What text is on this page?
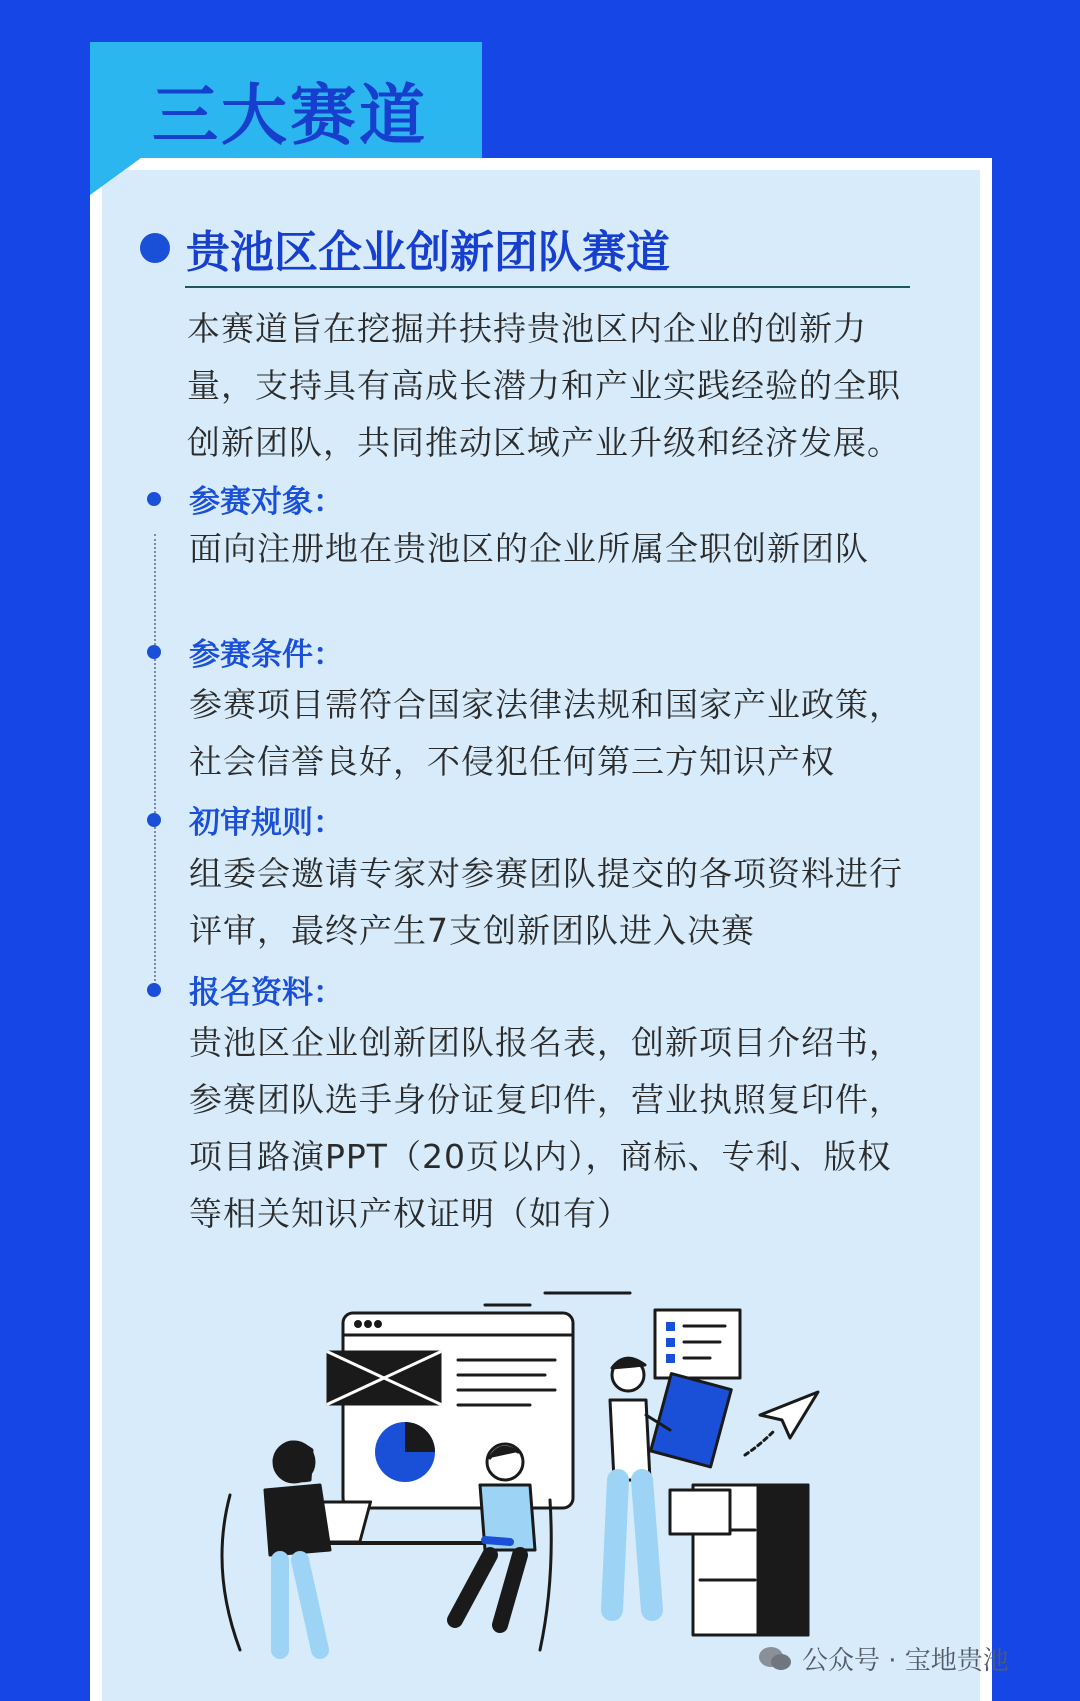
三大赛道
贵池区企业创新团队赛道
本赛道旨在挖掘并扶持贵池区内企业的创新力
量，支持具有高成长潜力和产业实践经验的全职
创新团队，共同推动区域产业升级和经济发展。
参赛对象：
面向注册地在贵池区的企业所属全职创新团队
参赛条件：
参赛项目需符合国家法律法规和国家产业政策，
社会信誉良好，不侵犯任何第三方知识产权
初审规则：
组委会邀请专家对参赛团队提交的各项资料进行
评审，最终产生7支创新团队进入决赛
报名资料：
贵池区企业创新团队报名表，创新项目介绍书，
参赛团队选手身份证复印件，营业执照复印件，
项目路演PPT（20页以内），商标、专利、版权
等相关知识产权证明（如有）
公众号 · 宝地贵池
